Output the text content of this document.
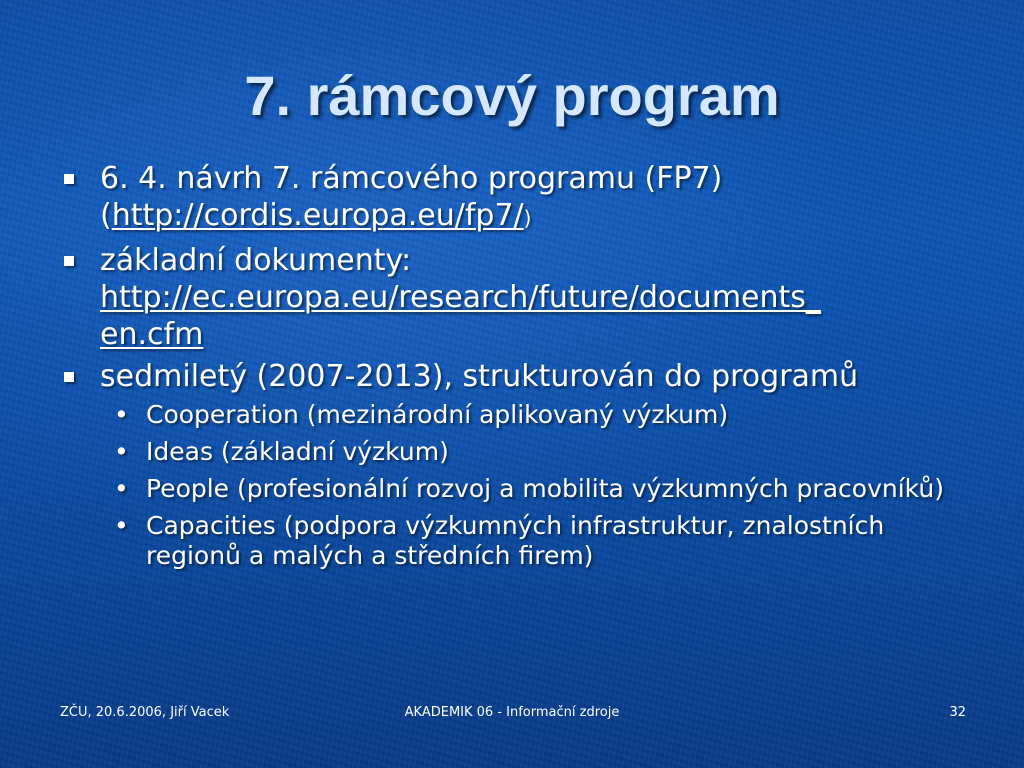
7. rámcový program
6. 4. návrh 7. rámcového programu (FP7) (http://cordis.europa.eu/fp7/)
základní dokumenty:
http://ec.europa.eu/research/future/documents_
en.cfm
sedmiletý (2007-2013), strukturován do programů
• Cooperation (mezinárodní aplikovaný výzkum)
• Ideas (základní výzkum)
• People (profesionální rozvoj a mobilita výzkumných pracovníků)
• Capacities (podpora výzkumných infrastruktur, znalostních regionů a malých a středních firem)
ZČU, 20.6.2006, Jiří Vacek	AKADEMIK 06 - Informační zdroje	32
